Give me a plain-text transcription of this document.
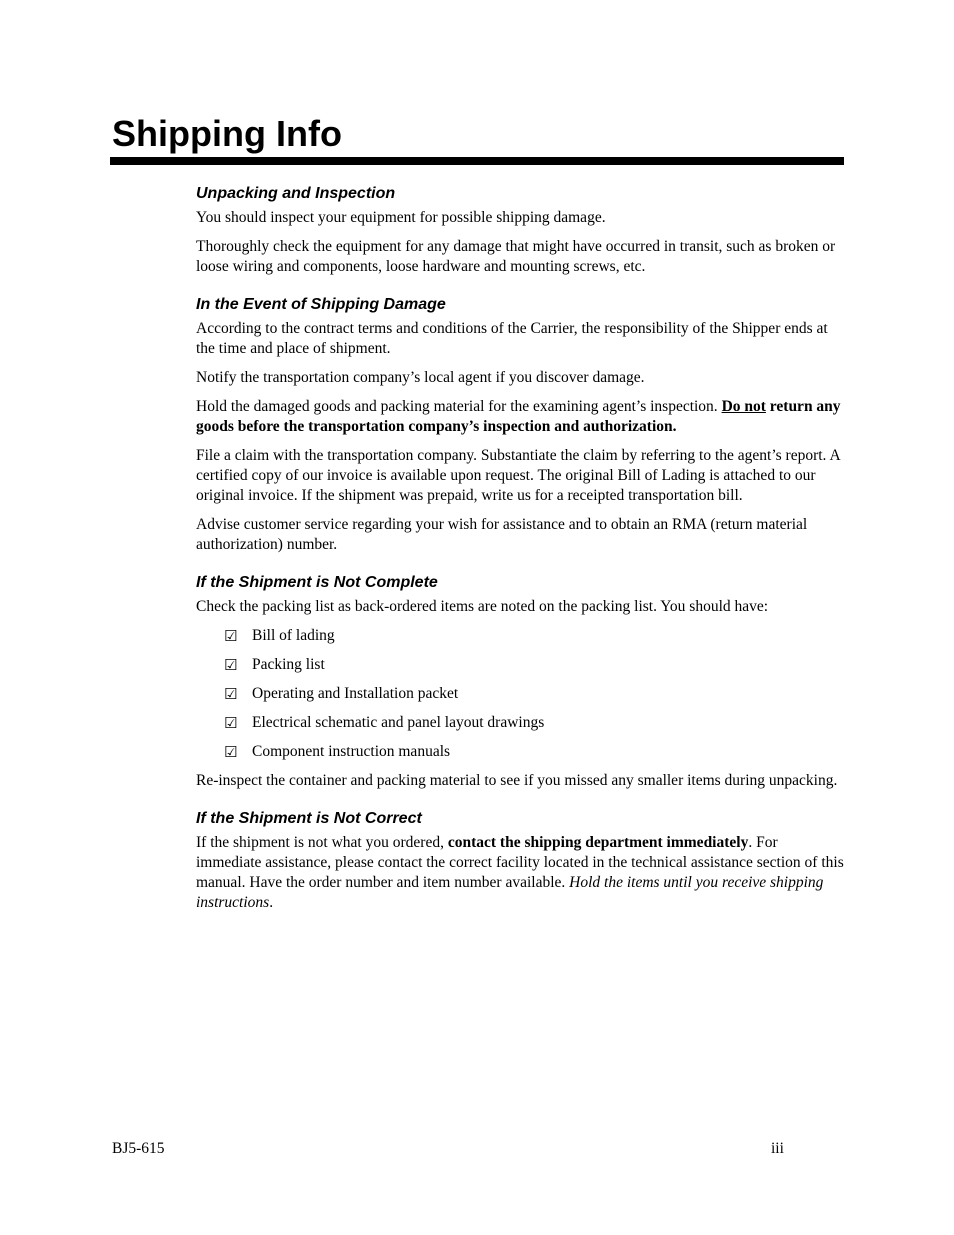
Shipping Info
Unpacking and Inspection

You should inspect your equipment for possible shipping damage.

Thoroughly check the equipment for any damage that might have occurred in transit, such as broken or loose wiring and components, loose hardware and mounting screws, etc.

In the Event of Shipping Damage

According to the contract terms and conditions of the Carrier, the responsibility of the Shipper ends at the time and place of shipment.

Notify the transportation company’s local agent if you discover damage.

Hold the damaged goods and packing material for the examining agent’s inspection. Do not return any goods before the transportation company’s inspection and authorization.

File a claim with the transportation company. Substantiate the claim by referring to the agent’s report. A certified copy of our invoice is available upon request. The original Bill of Lading is attached to our original invoice. If the shipment was prepaid, write us for a receipted transportation bill.

Advise customer service regarding your wish for assistance and to obtain an RMA (return material authorization) number.

If the Shipment is Not Complete

Check the packing list as back-ordered items are noted on the packing list. You should have:

☑ Bill of lading
☑ Packing list
☑ Operating and Installation packet
☑ Electrical schematic and panel layout drawings
☑ Component instruction manuals

Re-inspect the container and packing material to see if you missed any smaller items during unpacking.

If the Shipment is Not Correct

If the shipment is not what you ordered, contact the shipping department immediately. For immediate assistance, please contact the correct facility located in the technical assistance section of this manual. Have the order number and item number available. Hold the items until you receive shipping instructions.

BJ5-615	iii
